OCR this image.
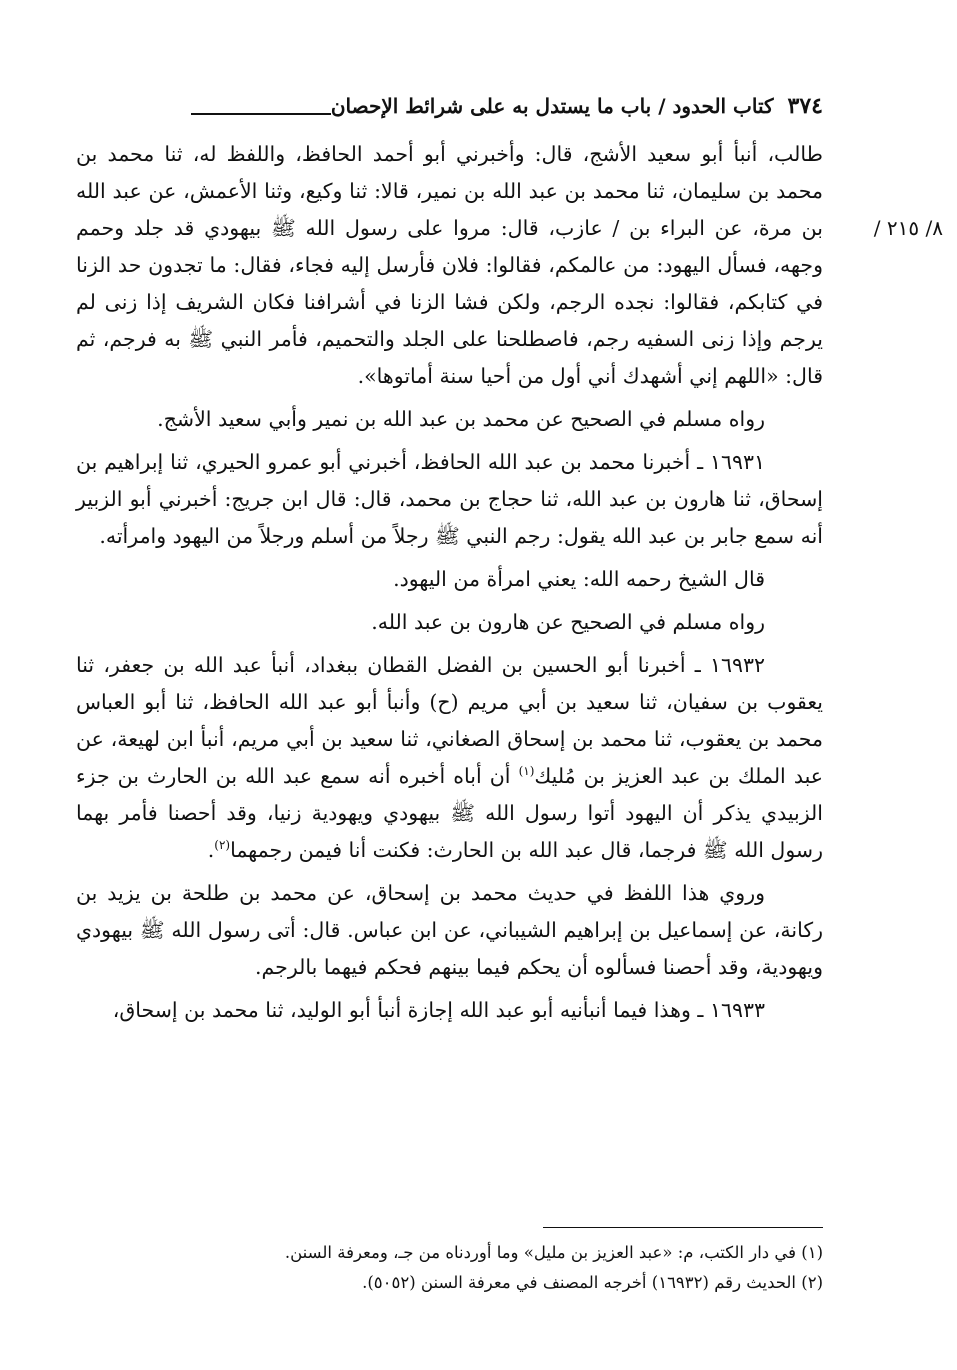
٣٧٤
كتاب الحدود / باب ما يستدل به على شرائط الإحصان

طالب، أنبأ أبو سعيد الأشج، قال: وأخبرني أبو أحمد الحافظ، واللفظ له، ثنا محمد بن محمد بن سليمان، ثنا محمد بن عبد الله بن نمير، قالا: ثنا وكيع، وثنا الأعمش، عن عبد الله بن مرة، عن البراء بن / عازب، قال: مروا على رسول الله ﷺ بيهودي قد جلد وحمم وجهه، فسأل اليهود: من عالمكم، فقالوا: فلان فأرسل إليه فجاء، فقال: ما تجدون حد الزنا في كتابكم، فقالوا: نجده الرجم، ولكن فشا الزنا في أشرافنا فكان الشريف إذا زنى لم يرجم وإذا زنى السفيه رجم، فاصطلحنا على الجلد والتحميم، فأمر النبي ﷺ به فرجم، ثم قال: «اللهم إني أشهدك أني أول من أحيا سنة أماتوها».
٨/ ٢١٥ /

رواه مسلم في الصحيح عن محمد بن عبد الله بن نمير وأبي سعيد الأشج.

١٦٩٣١ ـ أخبرنا محمد بن عبد الله الحافظ، أخبرني أبو عمرو الحيري، ثنا إبراهيم بن إسحاق، ثنا هارون بن عبد الله، ثنا حجاج بن محمد، قال: قال ابن جريج: أخبرني أبو الزبير أنه سمع جابر بن عبد الله يقول: رجم النبي ﷺ رجلاً من أسلم ورجلاً من اليهود وامرأته.

قال الشيخ رحمه الله: يعني امرأة من اليهود.

رواه مسلم في الصحيح عن هارون بن عبد الله.

١٦٩٣٢ ـ أخبرنا أبو الحسين بن الفضل القطان ببغداد، أنبأ عبد الله بن جعفر، ثنا يعقوب بن سفيان، ثنا سعيد بن أبي مريم (ح) وأنبأ أبو عبد الله الحافظ، ثنا أبو العباس محمد بن يعقوب، ثنا محمد بن إسحاق الصغاني، ثنا سعيد بن أبي مريم، أنبأ ابن لهيعة، عن عبد الملك بن عبد العزيز بن مُليك$^{(١)}$ أن أباه أخبره أنه سمع عبد الله بن الحارث بن جزء الزبيدي يذكر أن اليهود أتوا رسول الله ﷺ بيهودي ويهودية زنيا، وقد أحصنا فأمر بهما رسول الله ﷺ فرجما، قال عبد الله بن الحارث: فكنت أنا فيمن رجمهما$^{(٢)}$.

وروي هذا اللفظ في حديث محمد بن إسحاق، عن محمد بن طلحة بن يزيد بن ركانة، عن إسماعيل بن إبراهيم الشيباني، عن ابن عباس. قال: أتى رسول الله ﷺ بيهودي ويهودية، وقد أحصنا فسألوه أن يحكم فيما بينهم فحكم فيهما بالرجم.

١٦٩٣٣ ـ وهذا فيما أنبأنيه أبو عبد الله إجازة أنبأ أبو الوليد، ثنا محمد بن إسحاق،

(١) في دار الكتب، م: «عبد العزيز بن مليل» وما أوردناه من جـ، ومعرفة السنن.
(٢) الحديث رقم (١٦٩٣٢) أخرجه المصنف في معرفة السنن (٥٠٥٢).
